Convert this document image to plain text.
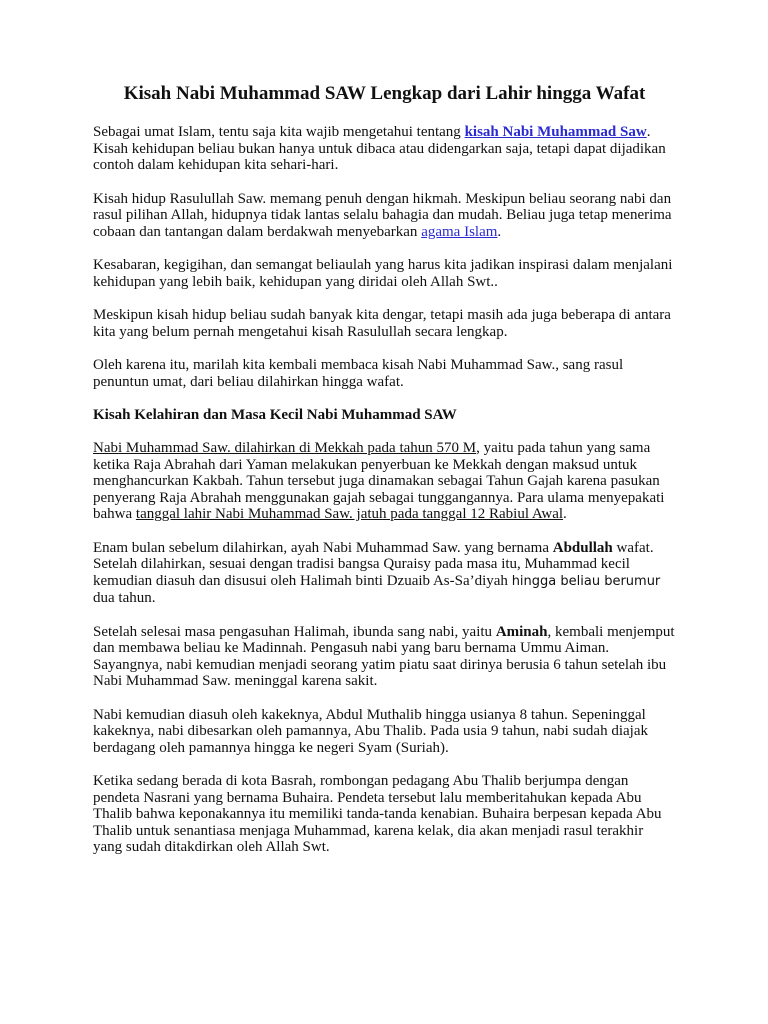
Kisah Nabi Muhammad SAW Lengkap dari Lahir hingga Wafat

Sebagai umat Islam, tentu saja kita wajib mengetahui tentang kisah Nabi Muhammad Saw. Kisah kehidupan beliau bukan hanya untuk dibaca atau didengarkan saja, tetapi dapat dijadikan contoh dalam kehidupan kita sehari-hari.

Kisah hidup Rasulullah Saw. memang penuh dengan hikmah. Meskipun beliau seorang nabi dan rasul pilihan Allah, hidupnya tidak lantas selalu bahagia dan mudah. Beliau juga tetap menerima cobaan dan tantangan dalam berdakwah menyebarkan agama Islam.

Kesabaran, kegigihan, dan semangat beliaulah yang harus kita jadikan inspirasi dalam menjalani kehidupan yang lebih baik, kehidupan yang diridai oleh Allah Swt..

Meskipun kisah hidup beliau sudah banyak kita dengar, tetapi masih ada juga beberapa di antara kita yang belum pernah mengetahui kisah Rasulullah secara lengkap.

Oleh karena itu, marilah kita kembali membaca kisah Nabi Muhammad Saw., sang rasul penuntun umat, dari beliau dilahirkan hingga wafat.

Kisah Kelahiran dan Masa Kecil Nabi Muhammad SAW

Nabi Muhammad Saw. dilahirkan di Mekkah pada tahun 570 M, yaitu pada tahun yang sama ketika Raja Abrahah dari Yaman melakukan penyerbuan ke Mekkah dengan maksud untuk menghancurkan Kakbah. Tahun tersebut juga dinamakan sebagai Tahun Gajah karena pasukan penyerang Raja Abrahah menggunakan gajah sebagai tunggangannya. Para ulama menyepakati bahwa tanggal lahir Nabi Muhammad Saw. jatuh pada tanggal 12 Rabiul Awal.

Enam bulan sebelum dilahirkan, ayah Nabi Muhammad Saw. yang bernama Abdullah wafat. Setelah dilahirkan, sesuai dengan tradisi bangsa Quraisy pada masa itu, Muhammad kecil kemudian diasuh dan disusui oleh Halimah binti Dzuaib As-Sa’diyah hingga beliau berumur dua tahun.

Setelah selesai masa pengasuhan Halimah, ibunda sang nabi, yaitu Aminah, kembali menjemput dan membawa beliau ke Madinnah. Pengasuh nabi yang baru bernama Ummu Aiman. Sayangnya, nabi kemudian menjadi seorang yatim piatu saat dirinya berusia 6 tahun setelah ibu Nabi Muhammad Saw. meninggal karena sakit.

Nabi kemudian diasuh oleh kakeknya, Abdul Muthalib hingga usianya 8 tahun. Sepeninggal kakeknya, nabi dibesarkan oleh pamannya, Abu Thalib. Pada usia 9 tahun, nabi sudah diajak berdagang oleh pamannya hingga ke negeri Syam (Suriah).

Ketika sedang berada di kota Basrah, rombongan pedagang Abu Thalib berjumpa dengan pendeta Nasrani yang bernama Buhaira. Pendeta tersebut lalu memberitahukan kepada Abu Thalib bahwa keponakannya itu memiliki tanda-tanda kenabian. Buhaira berpesan kepada Abu Thalib untuk senantiasa menjaga Muhammad, karena kelak, dia akan menjadi rasul terakhir yang sudah ditakdirkan oleh Allah Swt.
